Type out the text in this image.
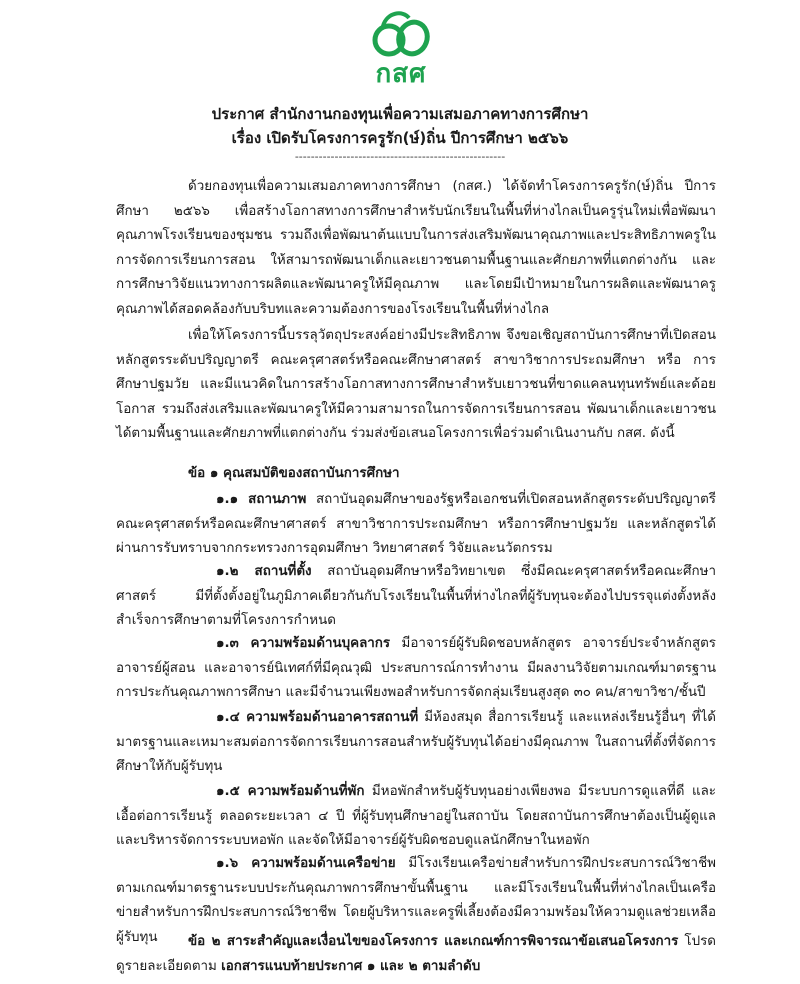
กสศ
ประกาศ สำนักงานกองทุนเพื่อความเสมอภาคทางการศึกษา
เรื่อง เปิดรับโครงการครูรัก(ษ์)ถิ่น ปีการศึกษา ๒๕๖๖
-----------------------------------------------------
ด้วยกองทุนเพื่อความเสมอภาคทางการศึกษา (กสศ.) ได้จัดทำโครงการครูรัก(ษ์)ถิ่น ปีการศึกษา ๒๕๖๖ เพื่อสร้างโอกาสทางการศึกษาสำหรับนักเรียนในพื้นที่ห่างไกลเป็นครูรุ่นใหม่เพื่อพัฒนาคุณภาพโรงเรียนของชุมชน รวมถึงเพื่อพัฒนาต้นแบบในการส่งเสริมพัฒนาคุณภาพและประสิทธิภาพครูในการจัดการเรียนการสอน ให้สามารถพัฒนาเด็กและเยาวชนตามพื้นฐานและศักยภาพที่แตกต่างกัน และการศึกษาวิจัยแนวทางการผลิตและพัฒนาครูให้มีคุณภาพ และโดยมีเป้าหมายในการผลิตและพัฒนาครูคุณภาพได้สอดคล้องกับบริบทและความต้องการของโรงเรียนในพื้นที่ห่างไกล
เพื่อให้โครงการนี้บรรลุวัตถุประสงค์อย่างมีประสิทธิภาพ จึงขอเชิญสถาบันการศึกษาที่เปิดสอนหลักสูตรระดับปริญญาตรี คณะครุศาสตร์หรือคณะศึกษาศาสตร์ สาขาวิชาการประถมศึกษา หรือ การศึกษาปฐมวัย และมีแนวคิดในการสร้างโอกาสทางการศึกษาสำหรับเยาวชนที่ขาดแคลนทุนทรัพย์และด้อยโอกาส รวมถึงส่งเสริมและพัฒนาครูให้มีความสามารถในการจัดการเรียนการสอน พัฒนาเด็กและเยาวชนได้ตามพื้นฐานและศักยภาพที่แตกต่างกัน ร่วมส่งข้อเสนอโครงการเพื่อร่วมดำเนินงานกับ กสศ. ดังนี้
ข้อ ๑ คุณสมบัติของสถาบันการศึกษา
๑.๑ สถานภาพ สถาบันอุดมศึกษาของรัฐหรือเอกชนที่เปิดสอนหลักสูตรระดับปริญญาตรี คณะครุศาสตร์หรือคณะศึกษาศาสตร์ สาขาวิชาการประถมศึกษา หรือการศึกษาปฐมวัย และหลักสูตรได้ผ่านการรับทราบจากกระทรวงการอุดมศึกษา วิทยาศาสตร์ วิจัยและนวัตกรรม
๑.๒ สถานที่ตั้ง สถาบันอุดมศึกษาหรือวิทยาเขต ซึ่งมีคณะครุศาสตร์หรือคณะศึกษาศาสตร์ มีที่ตั้งตั้งอยู่ในภูมิภาคเดียวกันกับโรงเรียนในพื้นที่ห่างไกลที่ผู้รับทุนจะต้องไปบรรจุแต่งตั้งหลังสำเร็จการศึกษาตามที่โครงการกำหนด
๑.๓ ความพร้อมด้านบุคลากร มีอาจารย์ผู้รับผิดชอบหลักสูตร อาจารย์ประจำหลักสูตร อาจารย์ผู้สอน และอาจารย์นิเทศก์ที่มีคุณวุฒิ ประสบการณ์การทำงาน มีผลงานวิจัยตามเกณฑ์มาตรฐานการประกันคุณภาพการศึกษา และมีจำนวนเพียงพอสำหรับการจัดกลุ่มเรียนสูงสุด ๓๐ คน/สาขาวิชา/ชั้นปี
๑.๔ ความพร้อมด้านอาคารสถานที่ มีห้องสมุด สื่อการเรียนรู้ และแหล่งเรียนรู้อื่นๆ ที่ได้มาตรฐานและเหมาะสมต่อการจัดการเรียนการสอนสำหรับผู้รับทุนได้อย่างมีคุณภาพ ในสถานที่ตั้งที่จัดการศึกษาให้กับผู้รับทุน
๑.๕ ความพร้อมด้านที่พัก มีหอพักสำหรับผู้รับทุนอย่างเพียงพอ มีระบบการดูแลที่ดี และเอื้อต่อการเรียนรู้ ตลอดระยะเวลา ๔ ปี ที่ผู้รับทุนศึกษาอยู่ในสถาบัน โดยสถาบันการศึกษาต้องเป็นผู้ดูแลและบริหารจัดการระบบหอพัก และจัดให้มีอาจารย์ผู้รับผิดชอบดูแลนักศึกษาในหอพัก
๑.๖ ความพร้อมด้านเครือข่าย มีโรงเรียนเครือข่ายสำหรับการฝึกประสบการณ์วิชาชีพตามเกณฑ์มาตรฐานระบบประกันคุณภาพการศึกษาขั้นพื้นฐาน และมีโรงเรียนในพื้นที่ห่างไกลเป็นเครือข่ายสำหรับการฝึกประสบการณ์วิชาชีพ โดยผู้บริหารและครูพี่เลี้ยงต้องมีความพร้อมให้ความดูแลช่วยเหลือผู้รับทุน	ข้อ ๒ สาระสำคัญและเงื่อนไขของโครงการ และเกณฑ์การพิจารณาข้อเสนอโครงการ โปรดดูรายละเอียดตาม เอกสารแนบท้ายประกาศ ๑ และ ๒ ตามลำดับ
